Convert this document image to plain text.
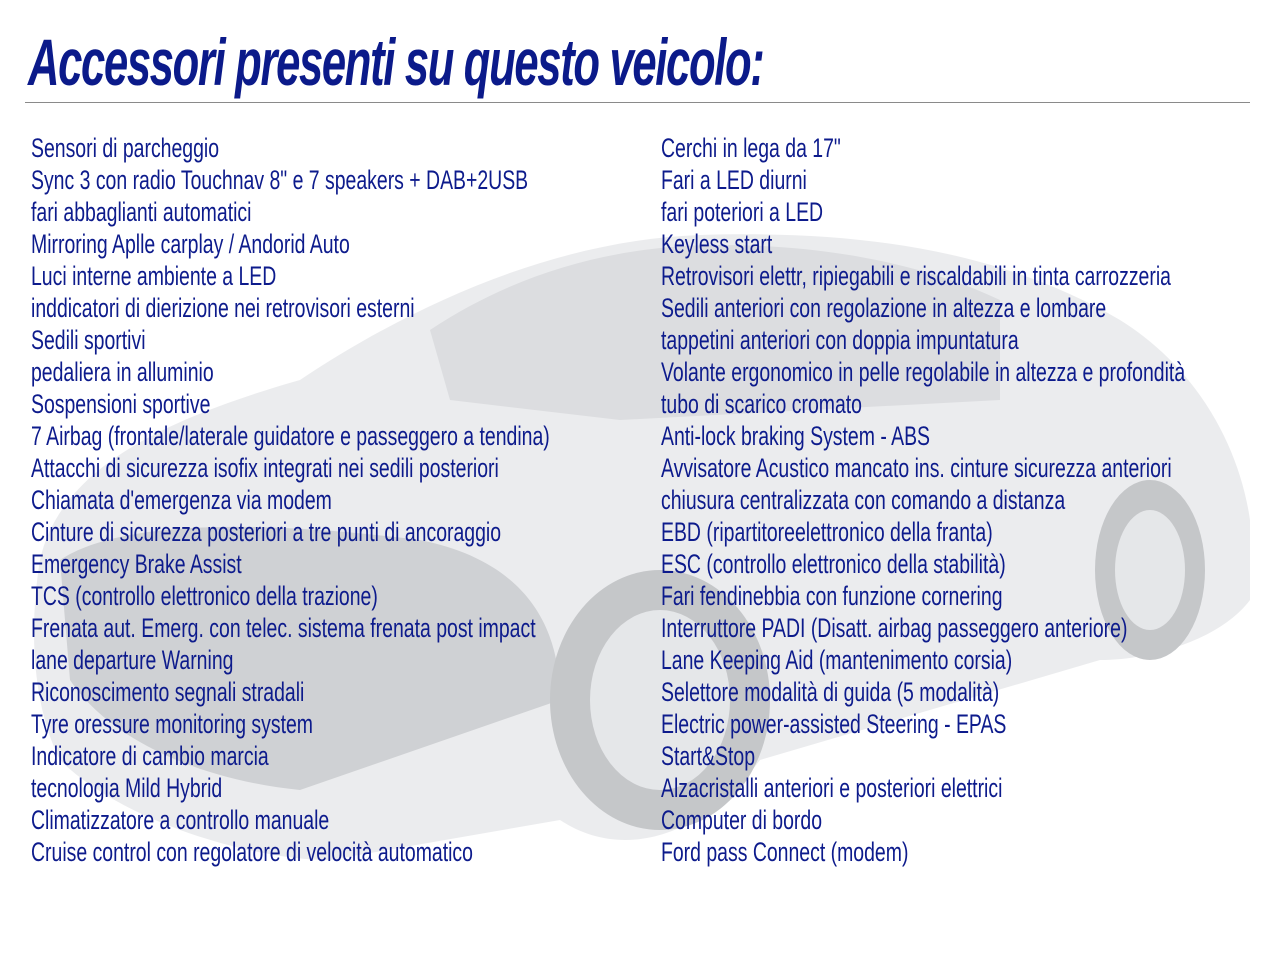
Accessori presenti su questo veicolo:
Sensori di parcheggio
Sync 3 con radio Touchnav 8" e 7 speakers + DAB+2USB
fari abbaglianti automatici
Mirroring Aplle carplay / Andorid Auto
Luci interne ambiente a LED
inddicatori di dierizione nei retrovisori esterni
Sedili sportivi
pedaliera in alluminio
Sospensioni sportive
7 Airbag (frontale/laterale guidatore e passeggero a tendina)
Attacchi di sicurezza isofix integrati nei sedili posteriori
Chiamata d'emergenza via modem
Cinture di sicurezza posteriori a tre punti di ancoraggio
Emergency Brake Assist
TCS (controllo elettronico della trazione)
Frenata aut. Emerg. con telec. sistema frenata post impact
lane departure Warning
Riconoscimento segnali stradali
Tyre oressure monitoring system
Indicatore di cambio marcia
tecnologia Mild Hybrid
Climatizzatore a controllo manuale
Cruise control con regolatore di velocità automatico
Cerchi in lega da 17"
Fari a LED diurni
fari poteriori a LED
Keyless start
Retrovisori elettr, ripiegabili e riscaldabili in tinta carrozzeria
Sedili anteriori con regolazione in altezza e lombare
tappetini anteriori con doppia impuntatura
Volante ergonomico in pelle regolabile in altezza e profondità
tubo di scarico cromato
Anti-lock braking System - ABS
Avvisatore Acustico mancato ins. cinture sicurezza anteriori
chiusura centralizzata con comando a distanza
EBD (ripartitoreelettronico della franta)
ESC (controllo elettronico della stabilità)
Fari fendinebbia con funzione cornering
Interruttore PADI (Disatt. airbag passeggero anteriore)
Lane Keeping Aid (mantenimento corsia)
Selettore modalità di guida (5 modalità)
Electric power-assisted Steering - EPAS
Start&Stop
Alzacristalli anteriori e posteriori elettrici
Computer di bordo
Ford pass Connect (modem)
